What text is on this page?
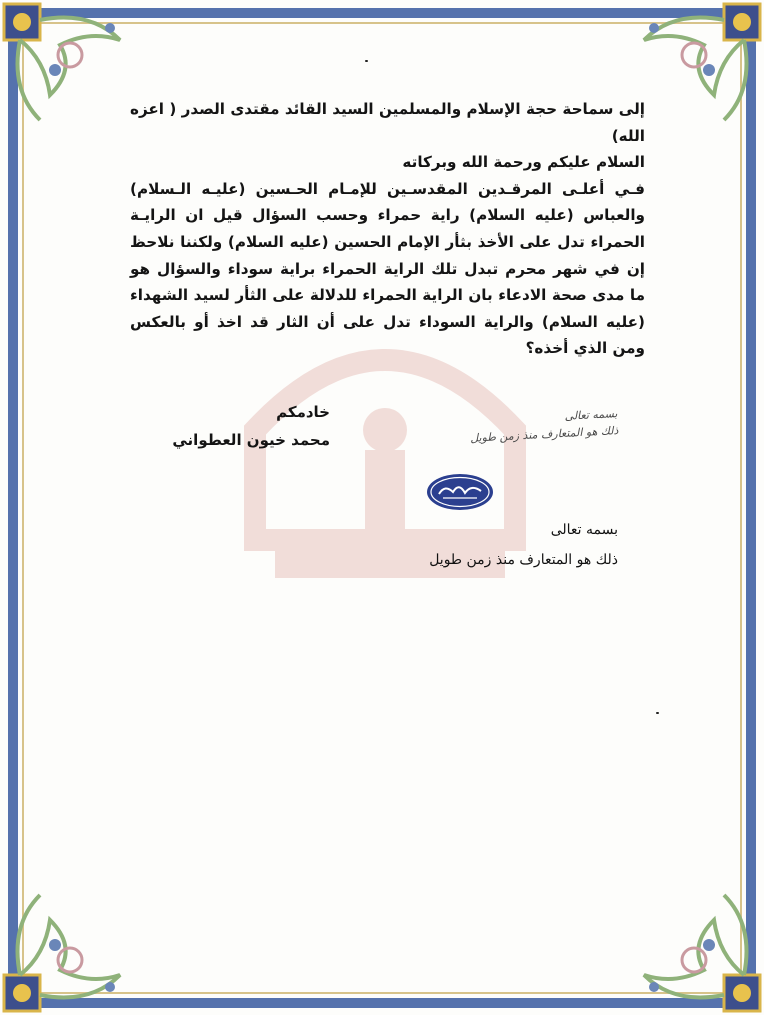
إلى سماحة حجة الإسلام والمسلمين السيد القائد مقتدى الصدر ( اعزه الله)

السلام عليكم ورحمة الله وبركاته

فـي أعلـى المرقـدين المقدسـين للإمـام الحـسين (عليـه الـسلام) والعباس (عليه السلام) راية حمراء وحسب السؤال قيل ان الرايـة الحمراء تدل على الأخذ بثأر الإمام الحسين (عليه السلام) ولكننا نلاحظ إن في شهر محرم تبدل تلك الراية الحمراء براية سوداء والسؤال هو ما مدى صحة الادعاء بان الراية الحمراء للدلالة على الثأر لسيد الشهداء (عليه السلام) والراية السوداء تدل على أن الثار قد اخذ أو بالعكس ومن الذي أخذه؟

خادمكم
محمد خيون العطواني
بسمه تعالى
ذلك هو المتعارف منذ زمن طويل

بسمه تعالى

ذلك هو المتعارف منذ زمن طويل
